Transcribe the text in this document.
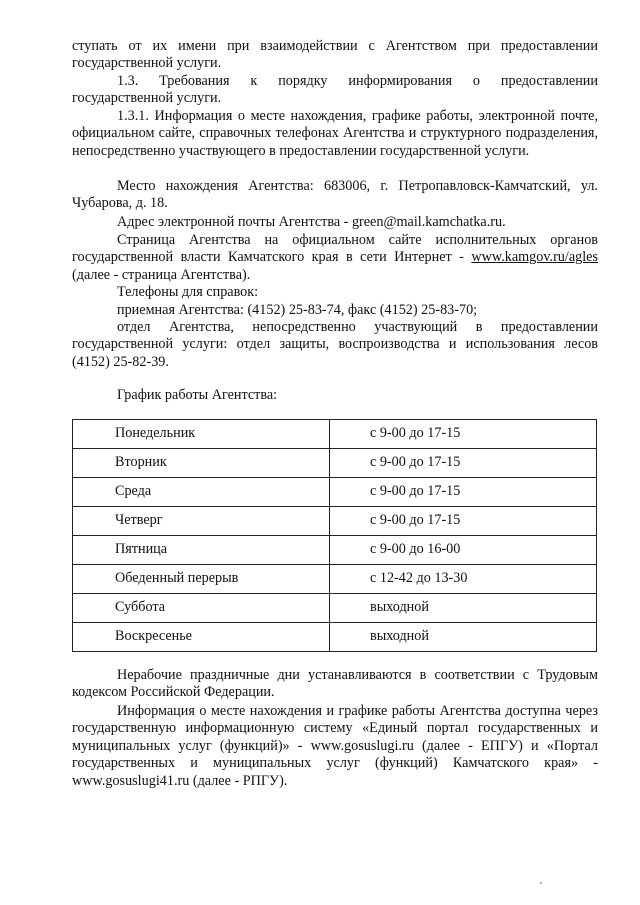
ступать от их имени при взаимодействии с Агентством при предоставлении государственной услуги.

1.3. Требования к порядку информирования о предоставлении государственной услуги.

1.3.1. Информация о месте нахождения, графике работы, электронной почте, официальном сайте, справочных телефонах Агентства и структурного подразделения, непосредственно участвующего в предоставлении государственной услуги.

Место нахождения Агентства: 683006, г. Петропавловск-Камчатский, ул. Чубарова, д. 18.

Адрес электронной почты Агентства - green@mail.kamchatka.ru.

Страница Агентства на официальном сайте исполнительных органов государственной власти Камчатского края в сети Интернет - www.kamgov.ru/agles (далее - страница Агентства).

Телефоны для справок:

приемная Агентства: (4152) 25-83-74, факс (4152) 25-83-70;

отдел Агентства, непосредственно участвующий в предоставлении государственной услуги: отдел защиты, воспроизводства и использования лесов (4152) 25-82-39.

График работы Агентства:

Понедельник	с 9-00 до 17-15
Вторник	с 9-00 до 17-15
Среда	с 9-00 до 17-15
Четверг	с 9-00 до 17-15
Пятница	с 9-00 до 16-00
Обеденный перерыв	с 12-42 до 13-30
Суббота	выходной
Воскресенье	выходной

Нерабочие праздничные дни устанавливаются в соответствии с Трудовым кодексом Российской Федерации.

Информация о месте нахождения и графике работы Агентства доступна через государственную информационную систему «Единый портал государственных и муниципальных услуг (функций)» - www.gosuslugi.ru (далее - ЕПГУ) и «Портал государственных и муниципальных услуг (функций) Камчатского края» - www.gosuslugi41.ru (далее - РПГУ).
